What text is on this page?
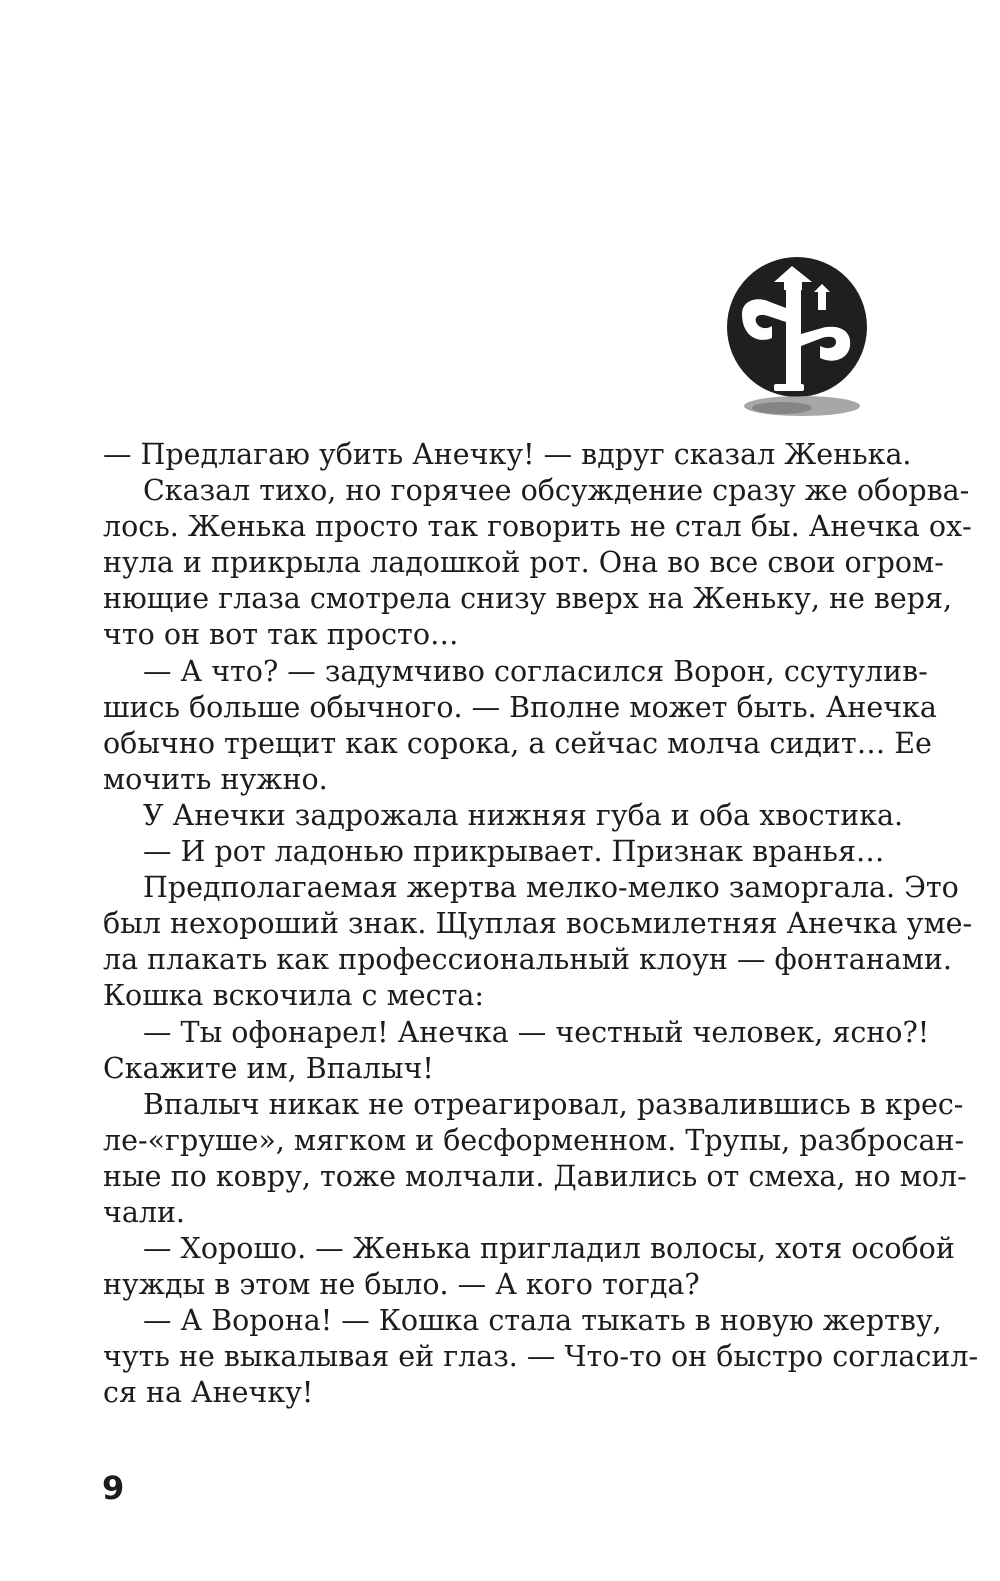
— Предлагаю убить Анечку! — вдруг сказал Женька.
Сказал тихо, но горячее обсуждение сразу же оборва-
лось. Женька просто так говорить не стал бы. Анечка ох-
нула и прикрыла ладошкой рот. Она во все свои огром-
нющие глаза смотрела снизу вверх на Женьку, не веря,
что он вот так просто…
— А что? — задумчиво согласился Ворон, ссутулив-
шись больше обычного. — Вполне может быть. Анечка
обычно трещит как сорока, а сейчас молча сидит… Ее
мочить нужно.
У Анечки задрожала нижняя губа и оба хвостика.
— И рот ладонью прикрывает. Признак вранья…
Предполагаемая жертва мелко-мелко заморгала. Это
был нехороший знак. Щуплая восьмилетняя Анечка уме-
ла плакать как профессиональный клоун — фонтанами.
Кошка вскочила с места:
— Ты офонарел! Анечка — честный человек, ясно?!
Скажите им, Впалыч!
Впалыч никак не отреагировал, развалившись в крес-
ле-«груше», мягком и бесформенном. Трупы, разбросан-
ные по ковру, тоже молчали. Давились от смеха, но мол-
чали.
— Хорошо. — Женька пригладил волосы, хотя особой
нужды в этом не было. — А кого тогда?
— А Ворона! — Кошка стала тыкать в новую жертву,
чуть не выкалывая ей глаз. — Что-то он быстро согласил-
ся на Анечку!
9
